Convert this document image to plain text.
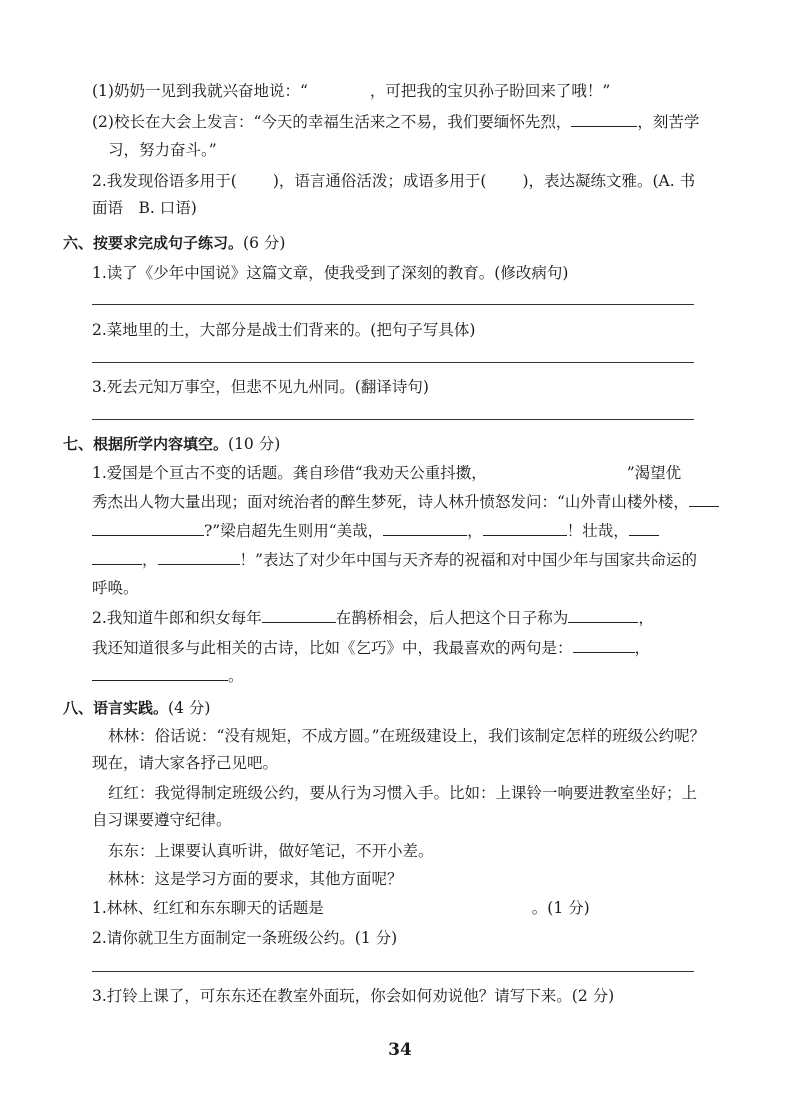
(1)奶奶一见到我就兴奋地说：“	，可把我的宝贝孙子盼回来了哦！”
(2)校长在大会上发言：“今天的幸福生活来之不易，我们要缅怀先烈，	，刻苦学
习，努力奋斗。”
2.我发现俗语多用于( )，语言通俗活泼；成语多用于( )，表达凝练文雅。(A. 书
面语　B. 口语)
六、按要求完成句子练习。(6 分)
1.读了《少年中国说》这篇文章，使我受到了深刻的教育。(修改病句)
2.菜地里的土，大部分是战士们背来的。(把句子写具体)
3.死去元知万事空，但悲不见九州同。(翻译诗句)
七、根据所学内容填空。(10 分)
1.爱国是个亘古不变的话题。龚自珍借“我劝天公重抖擞，	”渴望优
秀杰出人物大量出现；面对统治者的醉生梦死，诗人林升愤怒发问：“山外青山楼外楼，
?”梁启超先生则用“美哉，	，	！壮哉，
，	！”表达了对少年中国与天齐寿的祝福和对中国少年与国家共命运的
呼唤。
2.我知道牛郎和织女每年	在鹊桥相会，后人把这个日子称为	，
我还知道很多与此相关的古诗，比如《乞巧》中，我最喜欢的两句是：	，
。
八、语言实践。(4 分)
林林：俗话说：“没有规矩，不成方圆。”在班级建设上，我们该制定怎样的班级公约呢？
现在，请大家各抒己见吧。
红红：我觉得制定班级公约，要从行为习惯入手。比如：上课铃一响要进教室坐好；上
自习课要遵守纪律。
东东：上课要认真听讲，做好笔记，不开小差。
林林：这是学习方面的要求，其他方面呢？
1.林林、红红和东东聊天的话题是	。(1 分)
2.请你就卫生方面制定一条班级公约。(1 分)
3.打铃上课了，可东东还在教室外面玩，你会如何劝说他？请写下来。(2 分)
34
